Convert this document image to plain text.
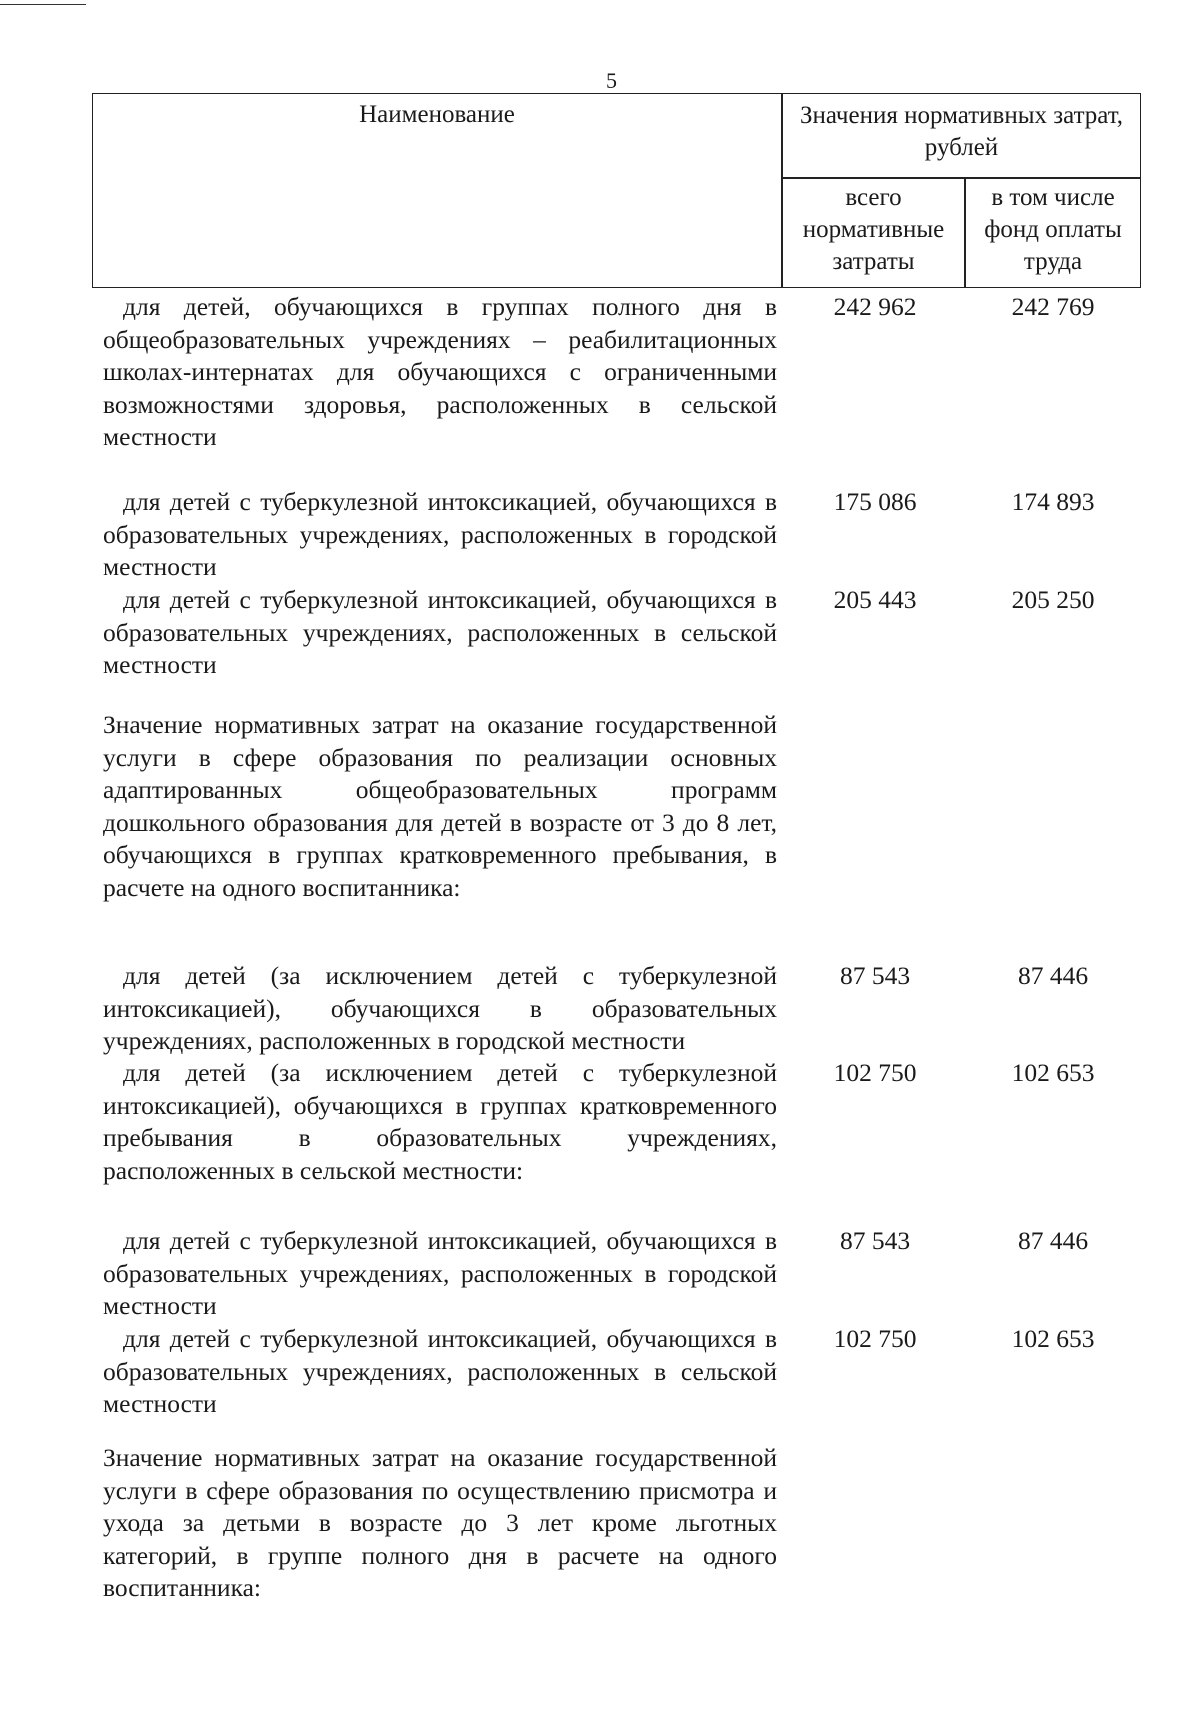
5
Наименование	Значения нормативных затрат, рублей
всего нормативные затраты
в том числе фонд оплаты труда
для детей, обучающихся в группах полного дня в общеобразовательных учреждениях – реабилитационных школах-интернатах для обучающихся с ограниченными возможностями здоровья, расположенных в сельской местности
242 962	242 769
для детей с туберкулезной интоксикацией, обучающихся в образовательных учреждениях, расположенных в городской местности
175 086	174 893
для детей с туберкулезной интоксикацией, обучающихся в образовательных учреждениях, расположенных в сельской местности
205 443	205 250
Значение нормативных затрат на оказание государственной услуги в сфере образования по реализации основных адаптированных общеобразовательных программ дошкольного образования для детей в возрасте от 3 до 8 лет, обучающихся в группах кратковременного пребывания, в расчете на одного воспитанника:
для детей (за исключением детей с туберкулезной интоксикацией), обучающихся в образовательных учреждениях, расположенных в городской местности
87 543	87 446
для детей (за исключением детей с туберкулезной интоксикацией), обучающихся в группах кратковременного пребывания в образовательных учреждениях, расположенных в сельской местности:
102 750	102 653
для детей с туберкулезной интоксикацией, обучающихся в образовательных учреждениях, расположенных в городской местности
87 543	87 446
для детей с туберкулезной интоксикацией, обучающихся в образовательных учреждениях, расположенных в сельской местности
102 750	102 653
Значение нормативных затрат на оказание государственной услуги в сфере образования по осуществлению присмотра и ухода за детьми в возрасте до 3 лет кроме льготных категорий, в группе полного дня в расчете на одного воспитанника:
